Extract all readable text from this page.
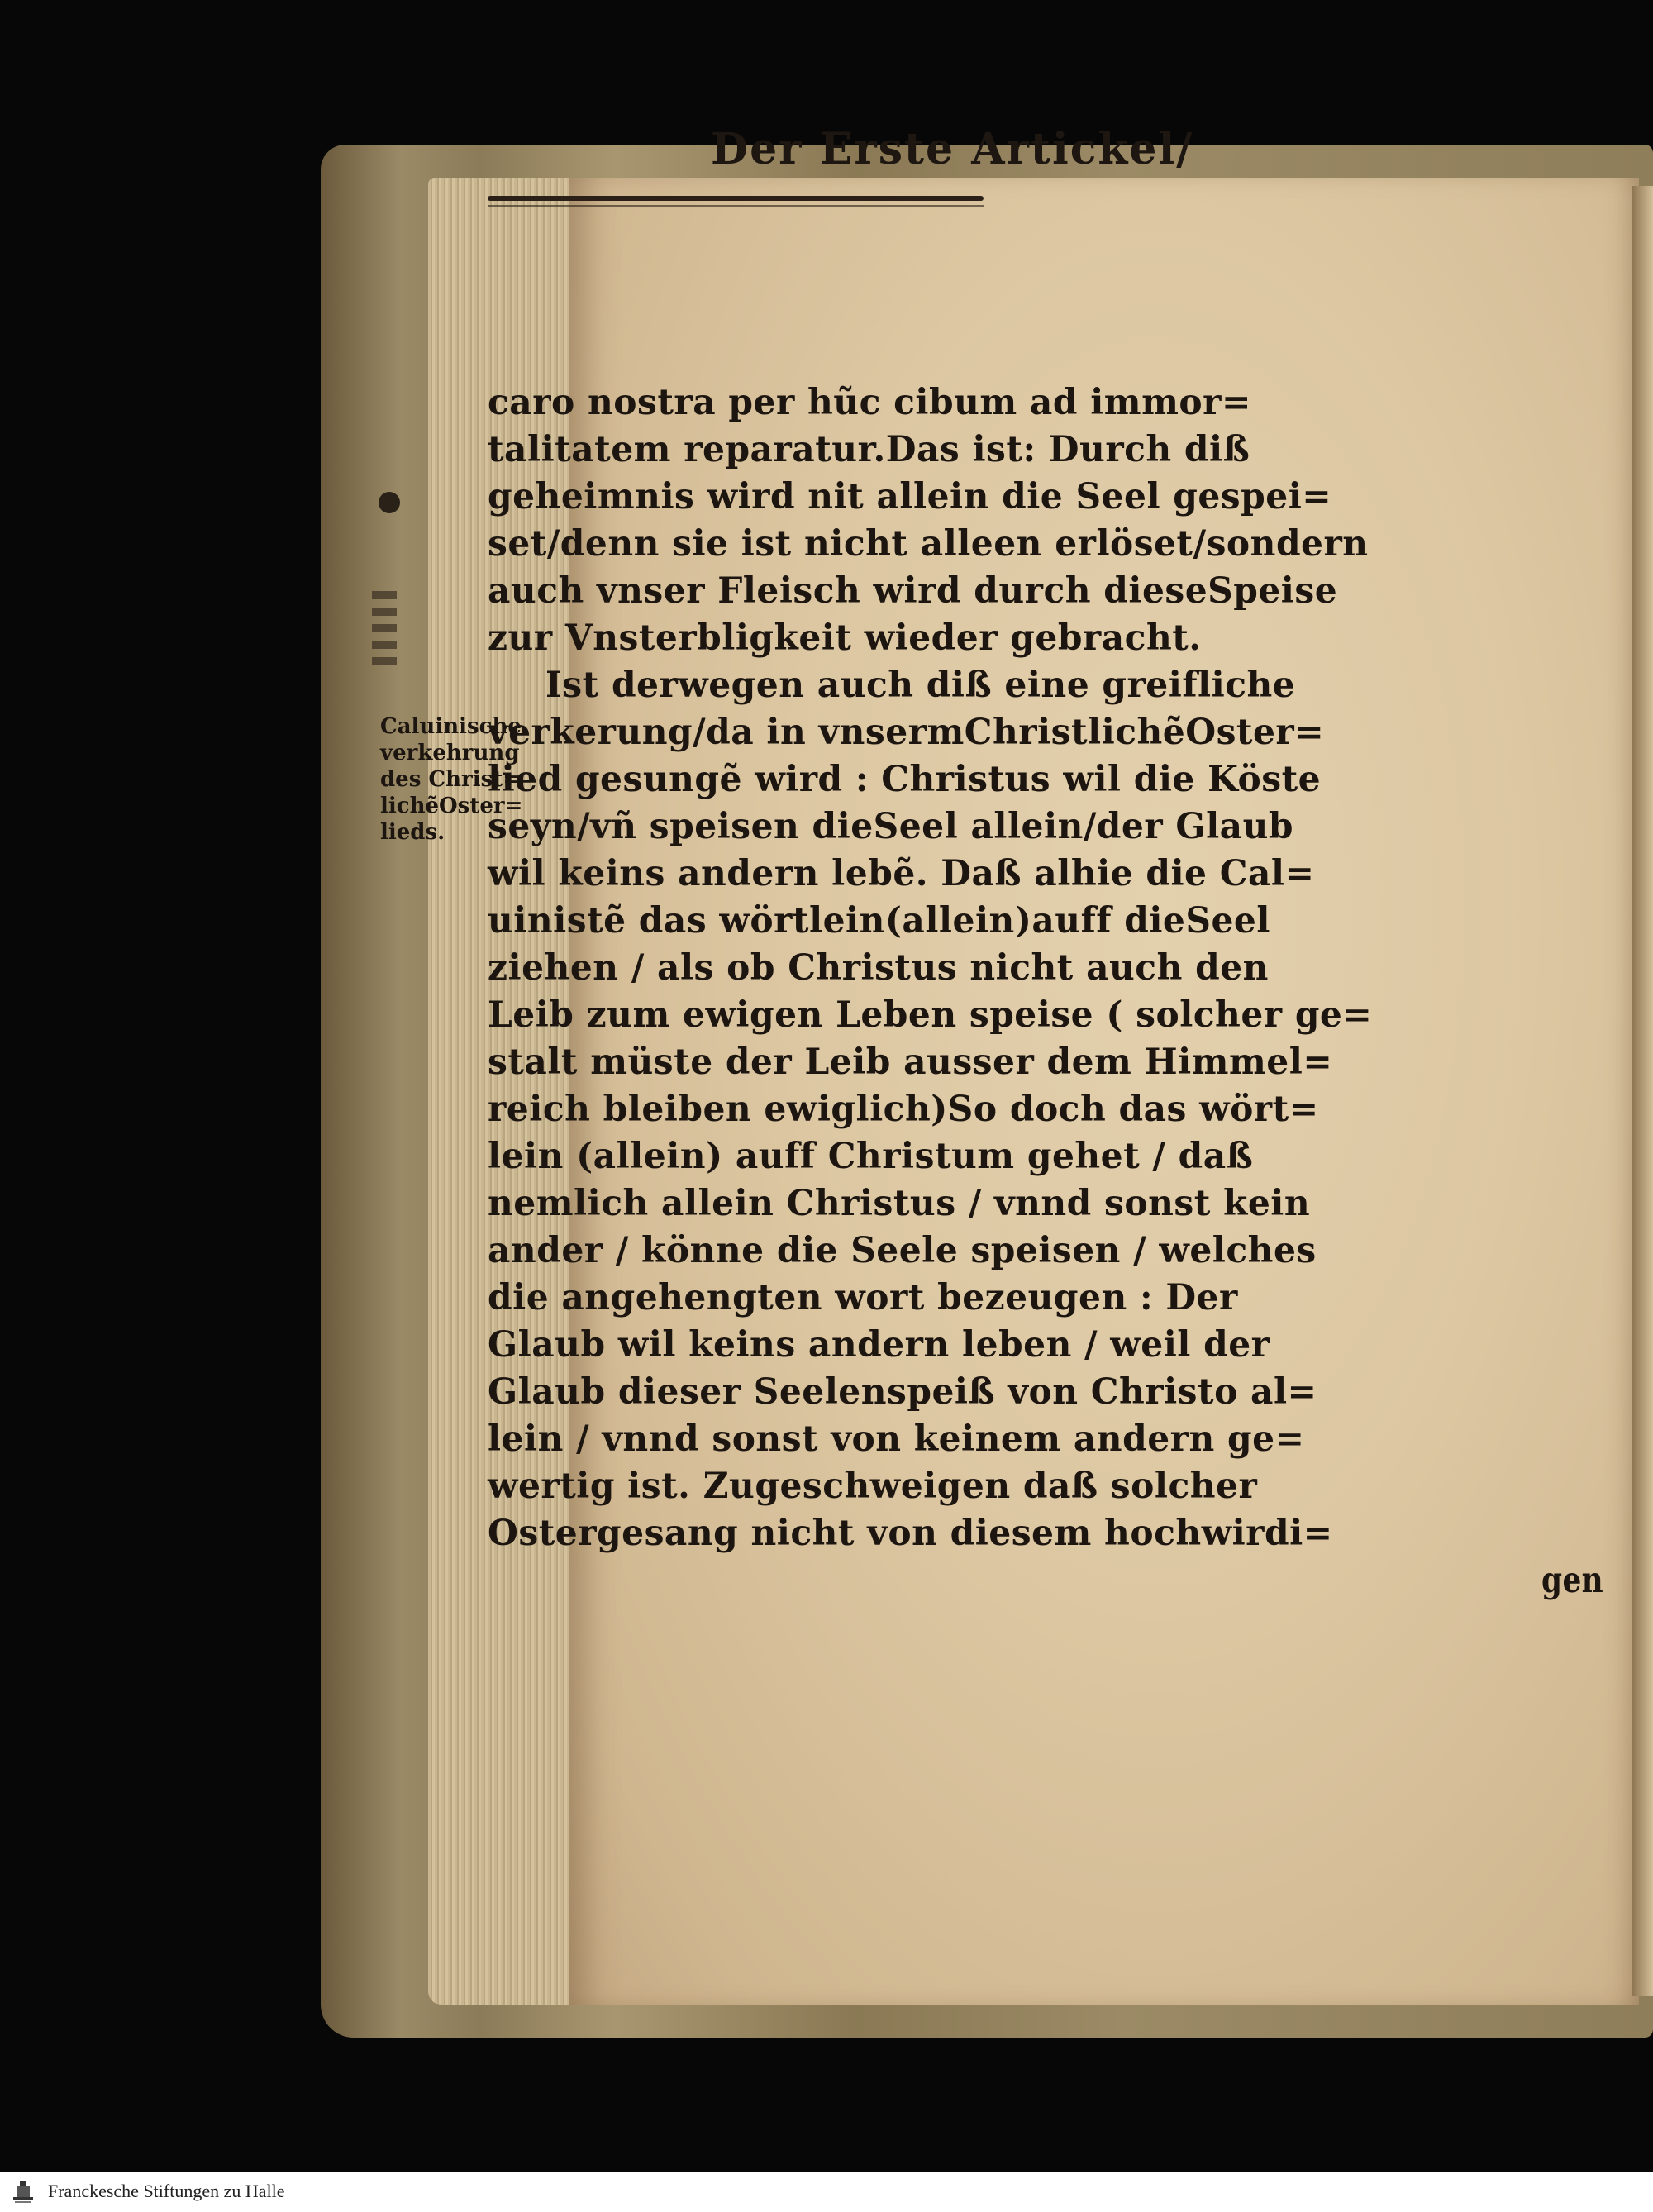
Der Erste Artickel/
caro nostra per hũc cibum ad immor=
talitatem reparatur.Das ist: Durch diß
geheimnis wird nit allein die Seel gespei=
set/denn sie ist nicht alleen erlöset/sondern
auch vnser Fleisch wird durch dieseSpeise
zur Vnsterbligkeit wieder gebracht.
Ist derwegen auch diß eine greifliche
verkerung/da in vnsermChristlichẽOster=
lied gesungẽ wird : Christus wil die Köste
seyn/vñ speisen dieSeel allein/der Glaub
wil keins andern lebẽ. Daß alhie die Cal=
uinistẽ das wörtlein(allein)auff dieSeel
ziehen / als ob Christus nicht auch den
Leib zum ewigen Leben speise ( solcher ge=
stalt müste der Leib ausser dem Himmel=
reich bleiben ewiglich)So doch das wört=
lein (allein) auff Christum gehet / daß
nemlich allein Christus / vnnd sonst kein
ander / könne die Seele speisen / welches
die angehengten wort bezeugen : Der
Glaub wil keins andern leben / weil der
Glaub dieser Seelenspeiß von Christo al=
lein / vnnd sonst von keinem andern ge=
wertig ist. Zugeschweigen daß solcher
Ostergesang nicht von diesem hochwirdi=
gen
Caluinische
verkehrung
des Christ=
lichẽOster=
lieds.
Franckesche Stiftungen zu Halle
